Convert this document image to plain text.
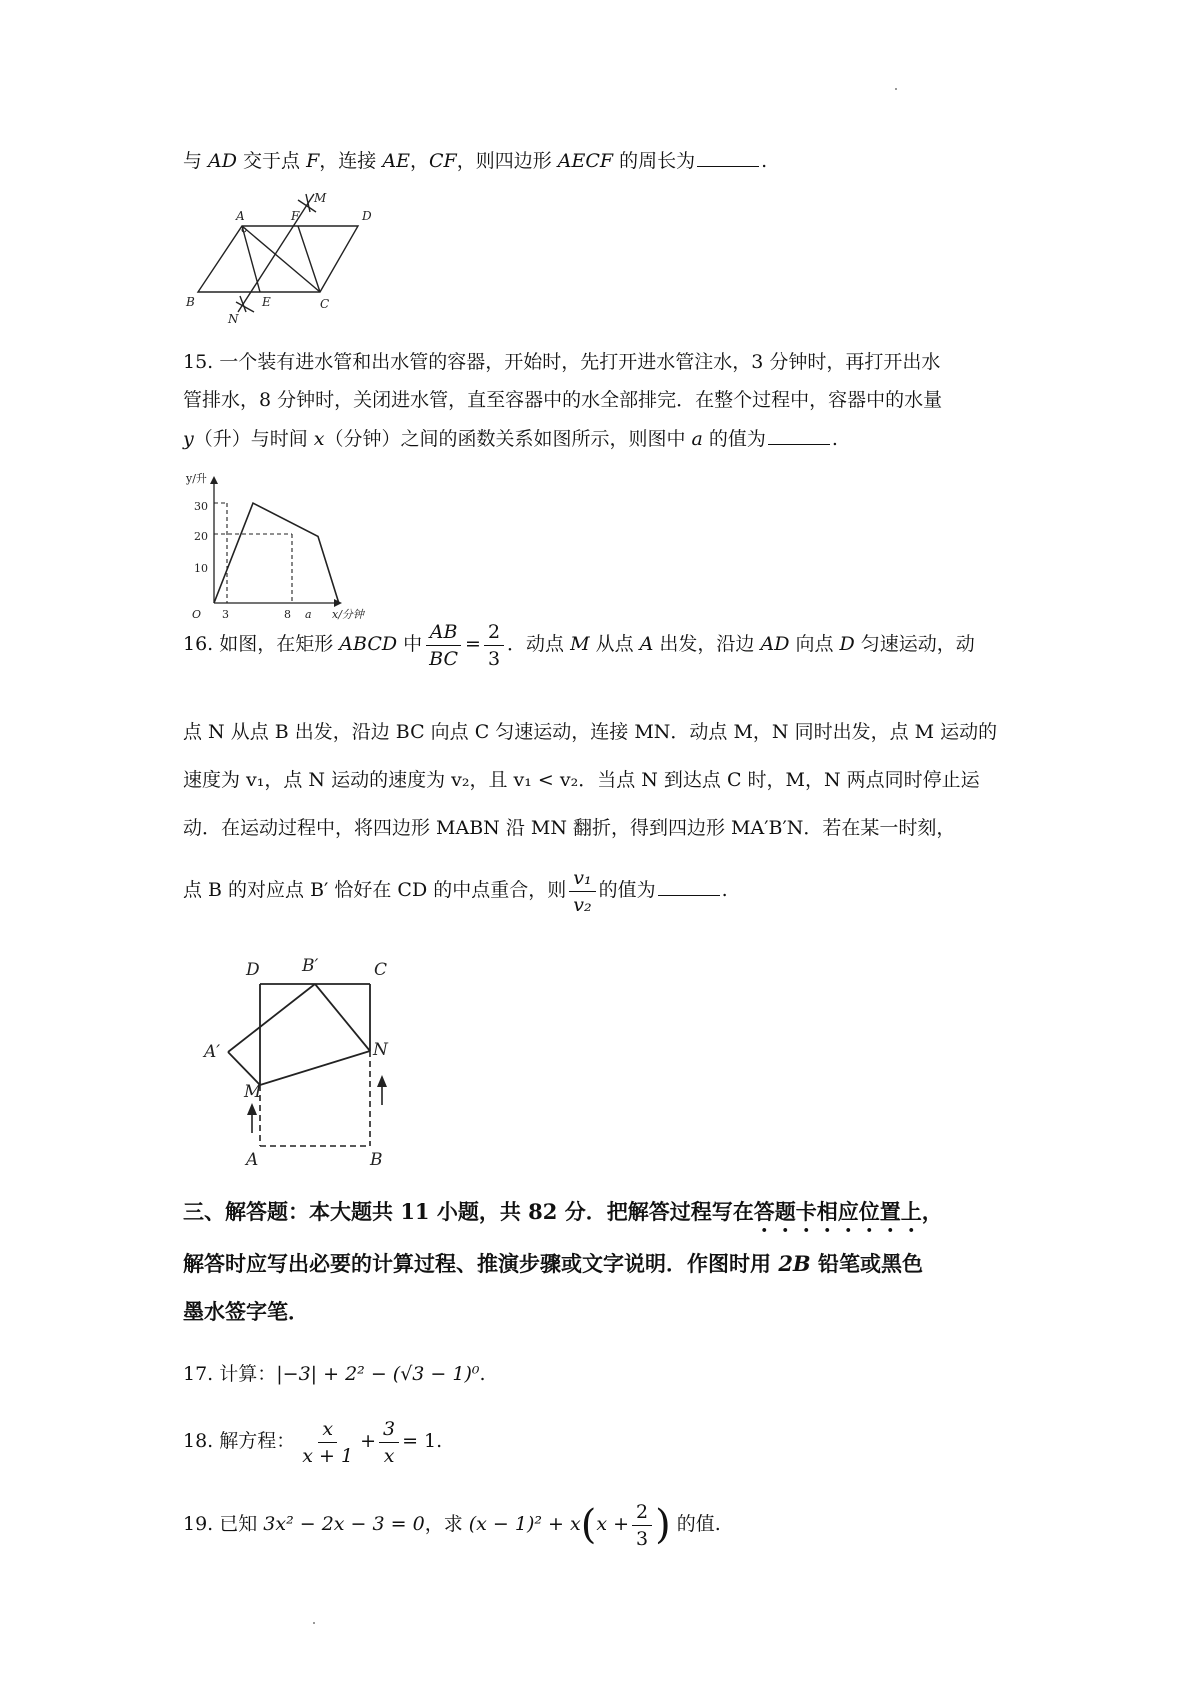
与 AD 交于点 F，连接 AE，CF，则四边形 AECF 的周长为	.
A	F
M
D
B	E	C
N
15. 一个装有进水管和出水管的容器，开始时，先打开进水管注水，3 分钟时，再打开出水
管排水，8 分钟时，关闭进水管，直至容器中的水全部排完．在整个过程中，容器中的水量
y（升）与时间 x（分钟）之间的函数关系如图所示，则图中 a 的值为	.
y/升
x/分钟
O
30
20
10
3	8 a
16. 如图，在矩形 ABCD 中 $\frac{AB}{BC} = \frac{2}{3}$ ．动点 M 从点 A 出发，沿边 AD 向点 D 匀速运动，动
点 N 从点 B 出发，沿边 BC 向点 C 匀速运动，连接 MN．动点 M，N 同时出发，点 M 运动的
速度为 v₁，点 N 运动的速度为 v₂，且 v₁ < v₂．当点 N 到达点 C 时，M，N 两点同时停止运
动．在运动过程中，将四边形 MABN 沿 MN 翻折，得到四边形 MA′B′N．若在某一时刻，
点 B 的对应点 B′ 恰好在 CD 的中点重合，则 $\frac{\text{v₁}}{\text{v₂}}$ 的值为	.
D B′	C
A′	N
M
A	B
三、解答题：本大题共 11 小题，共 82 分．把解答过程写在答题卡相应位置上，
解答时应写出必要的计算过程、推演步骤或文字说明．作图时用 2B 铅笔或黑色
墨水签字笔．
17. 计算：|−3| + 2² − (√3 − 1)⁰.
18. 解方程： $\frac{x}{x + 1} + \frac{3}{x} = 1$.
19. 已知 3x² − 2x − 3 = 0，求 $(x - 1)^2 + x(x + \frac{2}{3}$ ) 的值.
